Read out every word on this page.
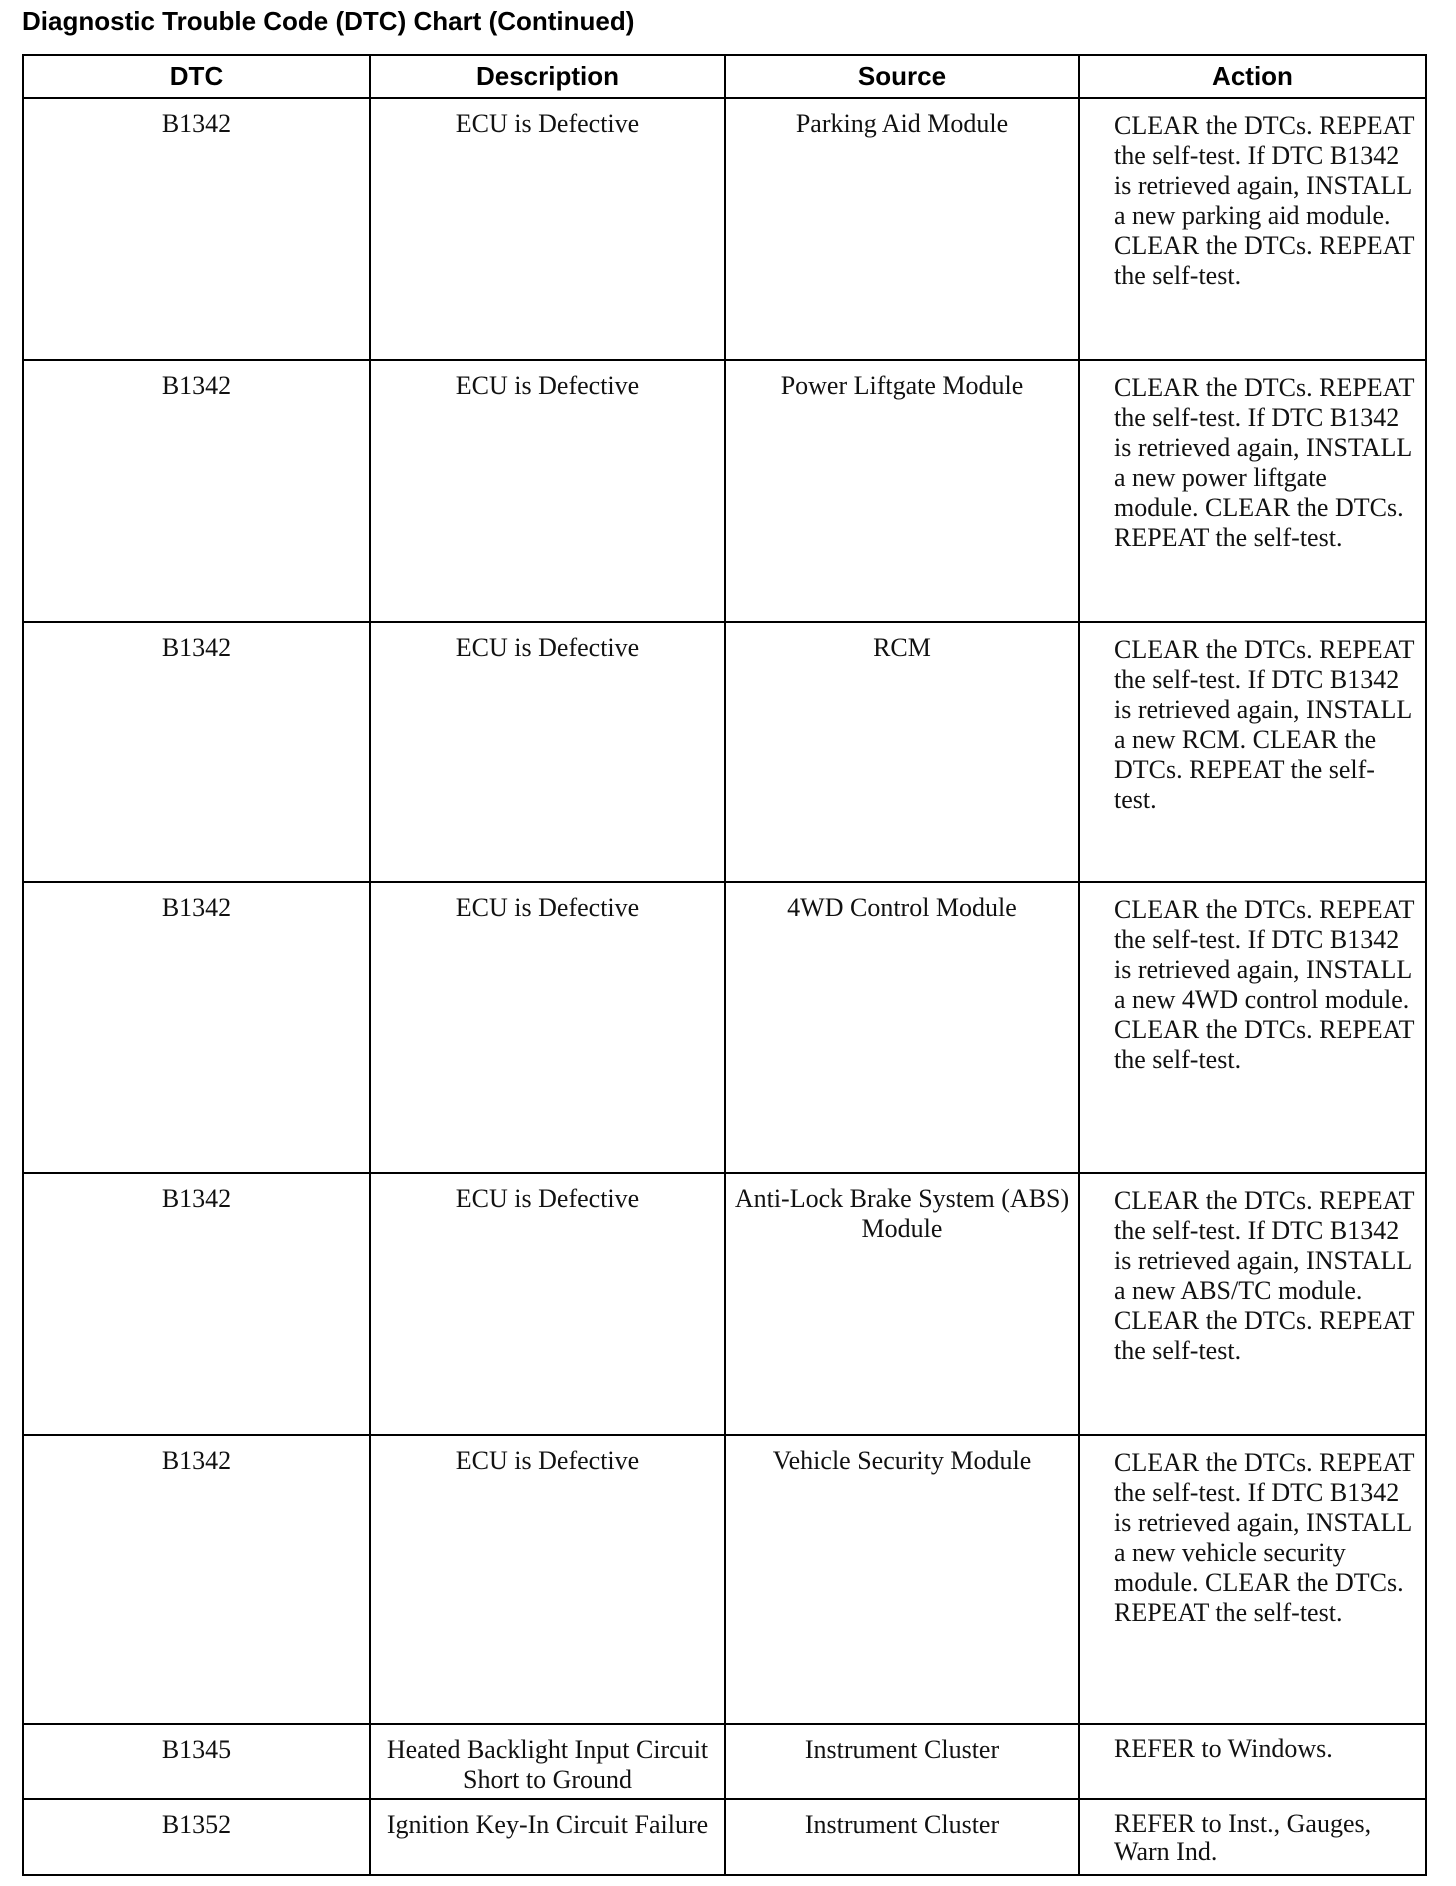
Diagnostic Trouble Code (DTC) Chart (Continued)
DTC	Description	Source	Action
B1342	ECU is Defective	Parking Aid Module	CLEAR the DTCs. REPEAT the self-test. If DTC B1342 is retrieved again, INSTALL a new parking aid module. CLEAR the DTCs. REPEAT the self-test.
B1342	ECU is Defective	Power Liftgate Module	CLEAR the DTCs. REPEAT the self-test. If DTC B1342 is retrieved again, INSTALL a new power liftgate module. CLEAR the DTCs. REPEAT the self-test.
B1342	ECU is Defective	RCM	CLEAR the DTCs. REPEAT the self-test. If DTC B1342 is retrieved again, INSTALL a new RCM. CLEAR the DTCs. REPEAT the self-test.
B1342	ECU is Defective	4WD Control Module	CLEAR the DTCs. REPEAT the self-test. If DTC B1342 is retrieved again, INSTALL a new 4WD control module. CLEAR the DTCs. REPEAT the self-test.
B1342	ECU is Defective	Anti-Lock Brake System (ABS) Module	CLEAR the DTCs. REPEAT the self-test. If DTC B1342 is retrieved again, INSTALL a new ABS/TC module. CLEAR the DTCs. REPEAT the self-test.
B1342	ECU is Defective	Vehicle Security Module	CLEAR the DTCs. REPEAT the self-test. If DTC B1342 is retrieved again, INSTALL a new vehicle security module. CLEAR the DTCs. REPEAT the self-test.
B1345	Heated Backlight Input Circuit Short to Ground	Instrument Cluster	REFER to Windows.
B1352	Ignition Key-In Circuit Failure	Instrument Cluster	REFER to Inst., Gauges, Warn Ind.
